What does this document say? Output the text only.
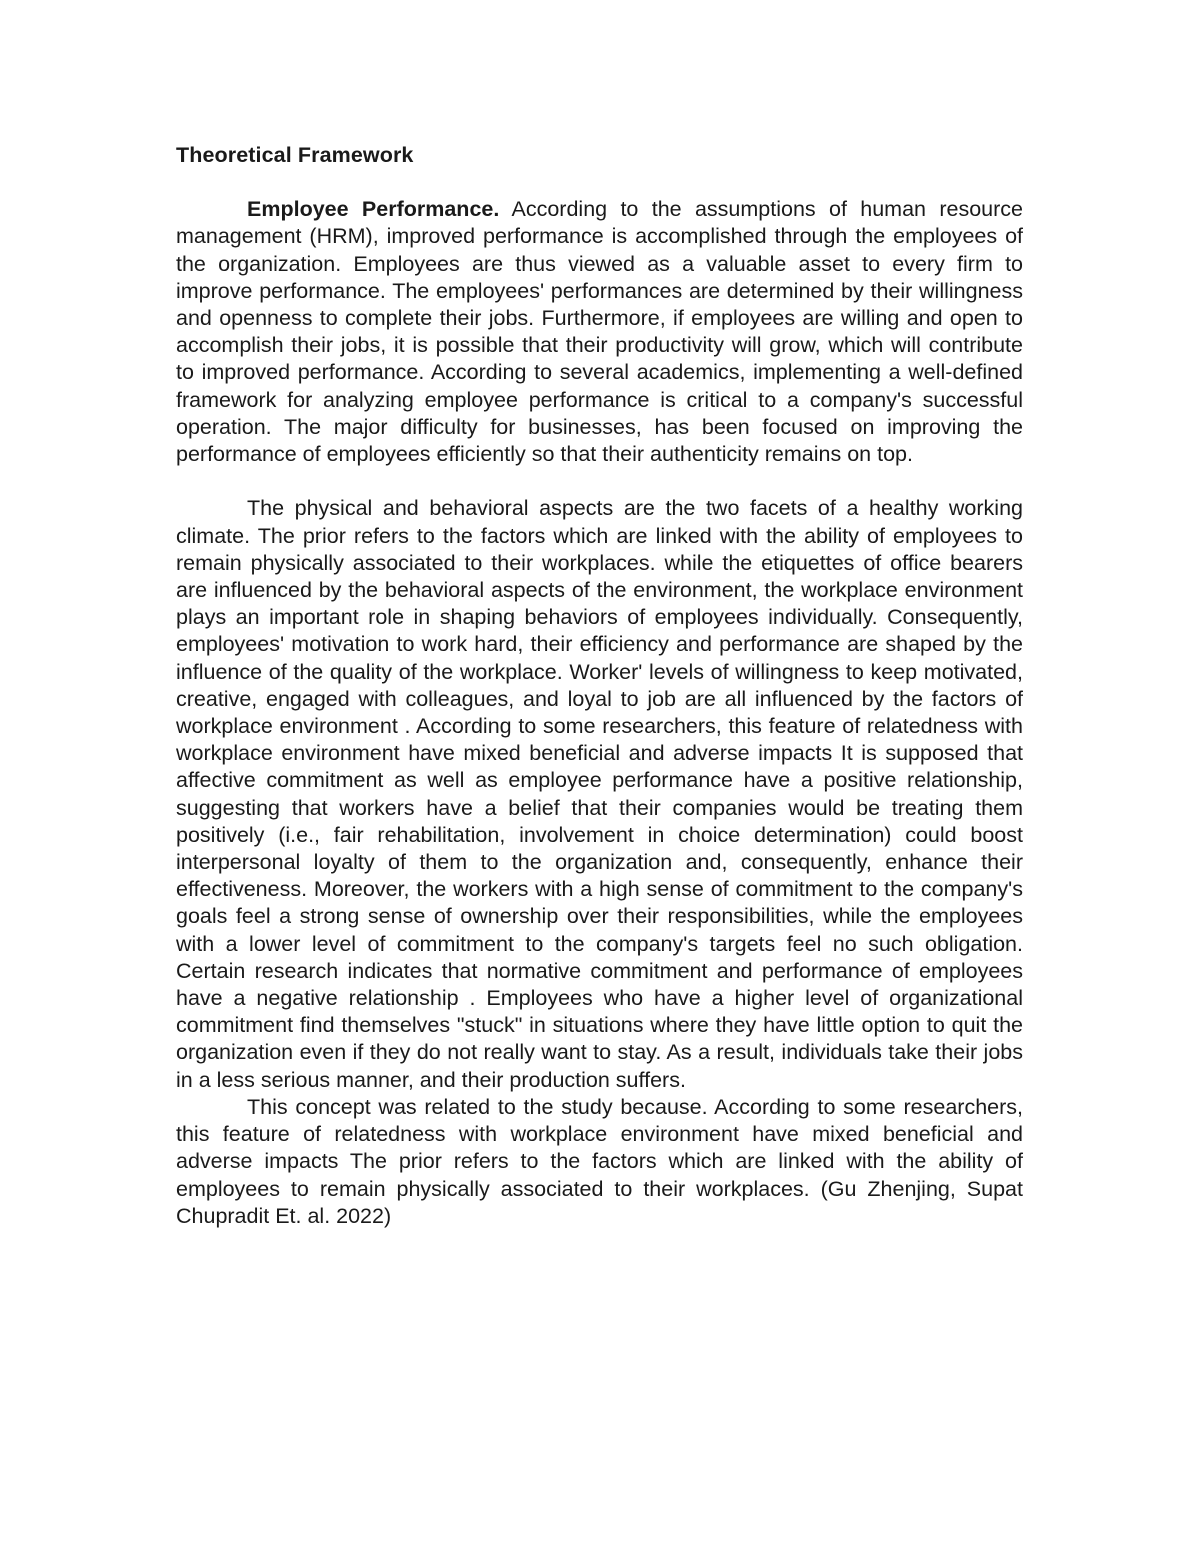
Theoretical Framework

Employee Performance. According to the assumptions of human resource management (HRM), improved performance is accomplished through the employees of the organization. Employees are thus viewed as a valuable asset to every firm to improve performance. The employees' performances are determined by their willingness and openness to complete their jobs. Furthermore, if employees are willing and open to accomplish their jobs, it is possible that their productivity will grow, which will contribute to improved performance. According to several academics, implementing a well-defined framework for analyzing employee performance is critical to a company's successful operation. The major difficulty for businesses, has been focused on improving the performance of employees efficiently so that their authenticity remains on top.

The physical and behavioral aspects are the two facets of a healthy working climate. The prior refers to the factors which are linked with the ability of employees to remain physically associated to their workplaces. while the etiquettes of office bearers are influenced by the behavioral aspects of the environment, the workplace environment plays an important role in shaping behaviors of employees individually. Consequently, employees' motivation to work hard, their efficiency and performance are shaped by the influence of the quality of the workplace. Worker' levels of willingness to keep motivated, creative, engaged with colleagues, and loyal to job are all influenced by the factors of workplace environment . According to some researchers, this feature of relatedness with workplace environment have mixed beneficial and adverse impacts It is supposed that affective commitment as well as employee performance have a positive relationship, suggesting that workers have a belief that their companies would be treating them positively (i.e., fair rehabilitation, involvement in choice determination) could boost interpersonal loyalty of them to the organization and, consequently, enhance their effectiveness. Moreover, the workers with a high sense of commitment to the company's goals feel a strong sense of ownership over their responsibilities, while the employees with a lower level of commitment to the company's targets feel no such obligation. Certain research indicates that normative commitment and performance of employees have a negative relationship . Employees who have a higher level of organizational commitment find themselves "stuck" in situations where they have little option to quit the organization even if they do not really want to stay. As a result, individuals take their jobs in a less serious manner, and their production suffers.

This concept was related to the study because. According to some researchers, this feature of relatedness with workplace environment have mixed beneficial and adverse impacts The prior refers to the factors which are linked with the ability of employees to remain physically associated to their workplaces. (Gu Zhenjing, Supat Chupradit Et. al. 2022)
